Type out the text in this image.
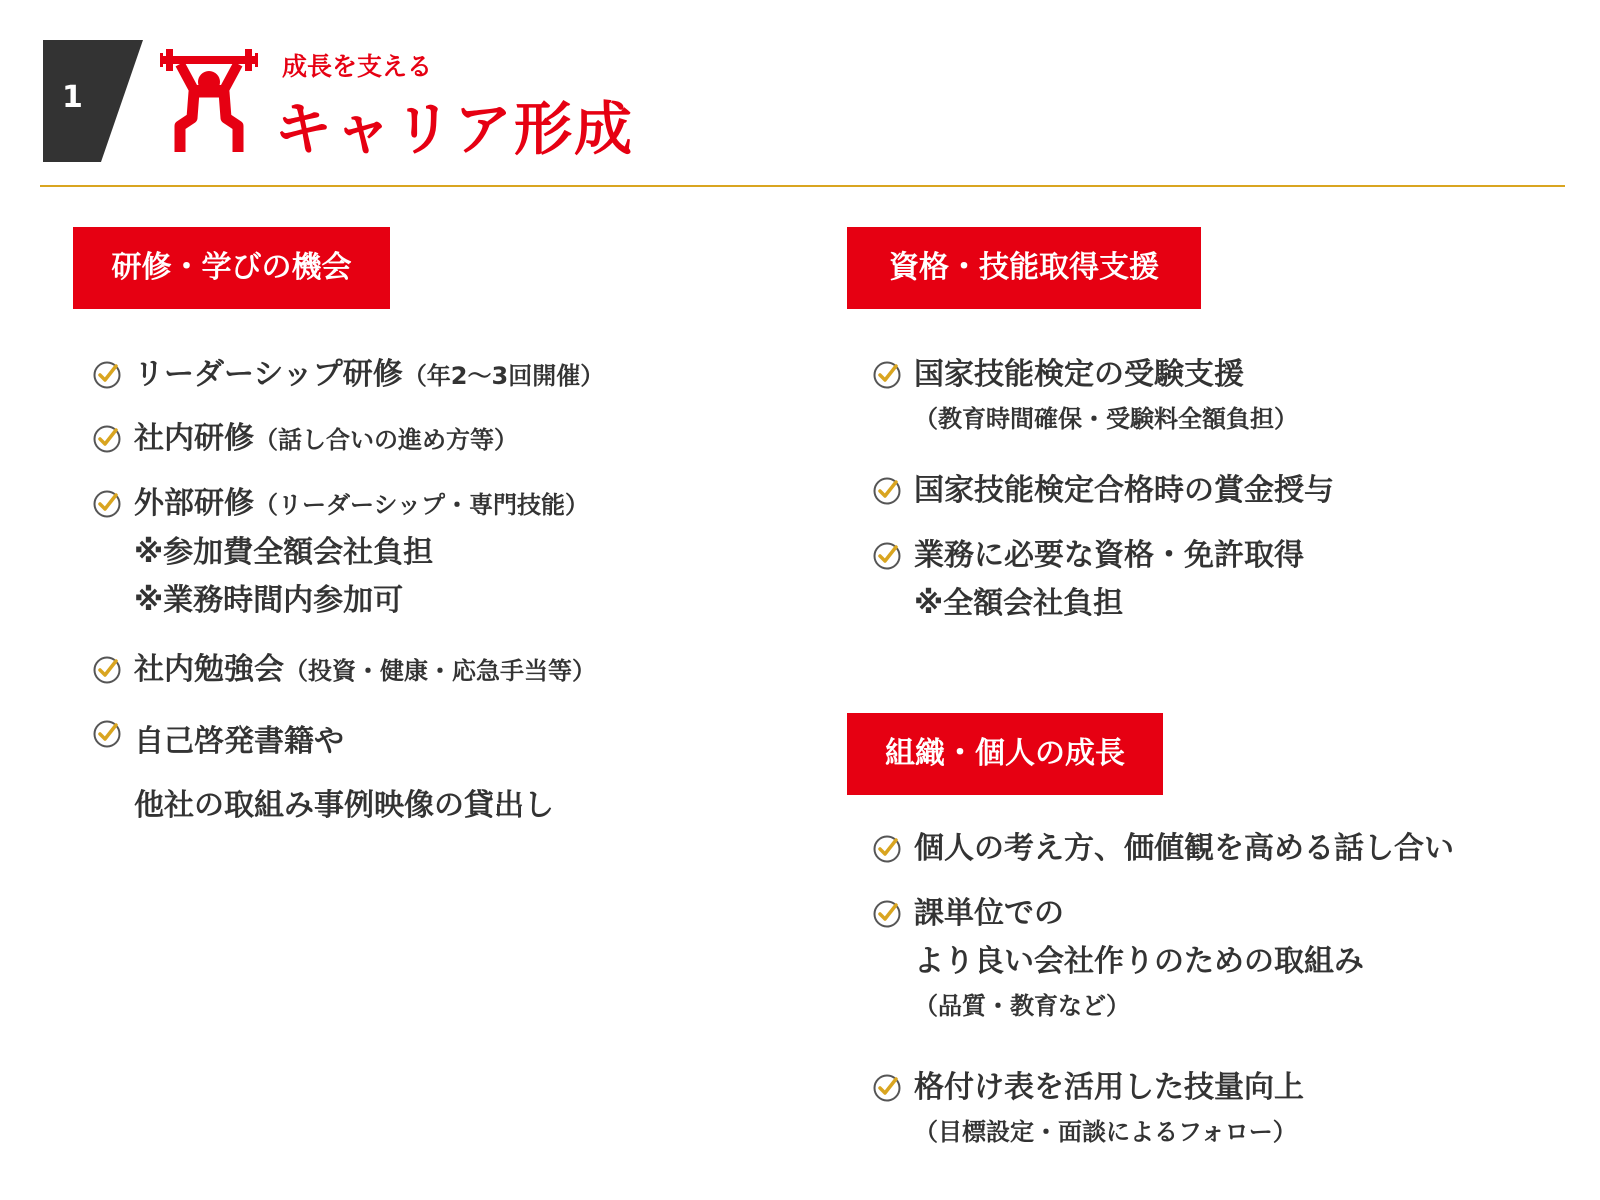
1
成長を支える
キャリア形成
研修・学びの機会	資格・技能取得支援
組織・個人の成長
リーダーシップ研修（年2〜3回開催）
社内研修（話し合いの進め方等）
外部研修（リーダーシップ・専門技能）
※参加費全額会社負担
※業務時間内参加可
社内勉強会（投資・健康・応急手当等）
自己啓発書籍や
他社の取組み事例映像の貸出し
国家技能検定の受験支援
（教育時間確保・受験料全額負担）
国家技能検定合格時の賞金授与
業務に必要な資格・免許取得
※全額会社負担
個人の考え方、価値観を高める話し合い
課単位での
より良い会社作りのための取組み
（品質・教育など）
格付け表を活用した技量向上
（目標設定・面談によるフォロー）
